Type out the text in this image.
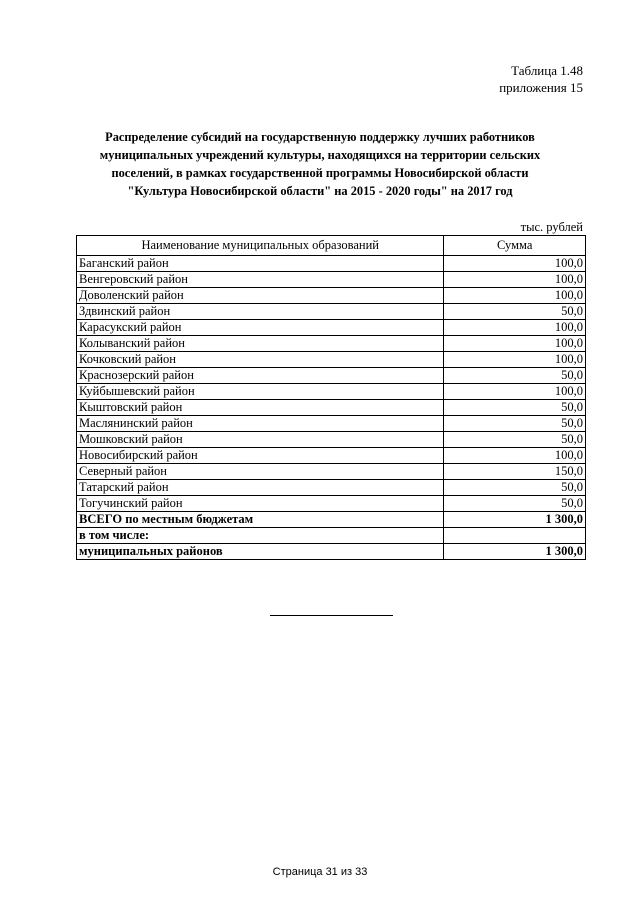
Таблица 1.48
приложения 15
Распределение субсидий на государственную поддержку лучших работников
муниципальных учреждений культуры, находящихся на территории сельских
поселений, в рамках государственной программы Новосибирской области
"Культура Новосибирской области" на 2015 - 2020 годы" на 2017 год
тыс. рублей
Наименование муниципальных образований	Сумма
Баганский район	100,0
Венгеровский район	100,0
Доволенский район	100,0
Здвинский район	50,0
Карасукский район	100,0
Колыванский район	100,0
Кочковский район	100,0
Краснозерский район	50,0
Куйбышевский район	100,0
Кыштовский район	50,0
Маслянинский район	50,0
Мошковский район	50,0
Новосибирский район	100,0
Северный район	150,0
Татарский район	50,0
Тогучинский район	50,0
ВСЕГО по местным бюджетам	1 300,0
в том числе:	
муниципальных районов	1 300,0
Страница 31 из 33
